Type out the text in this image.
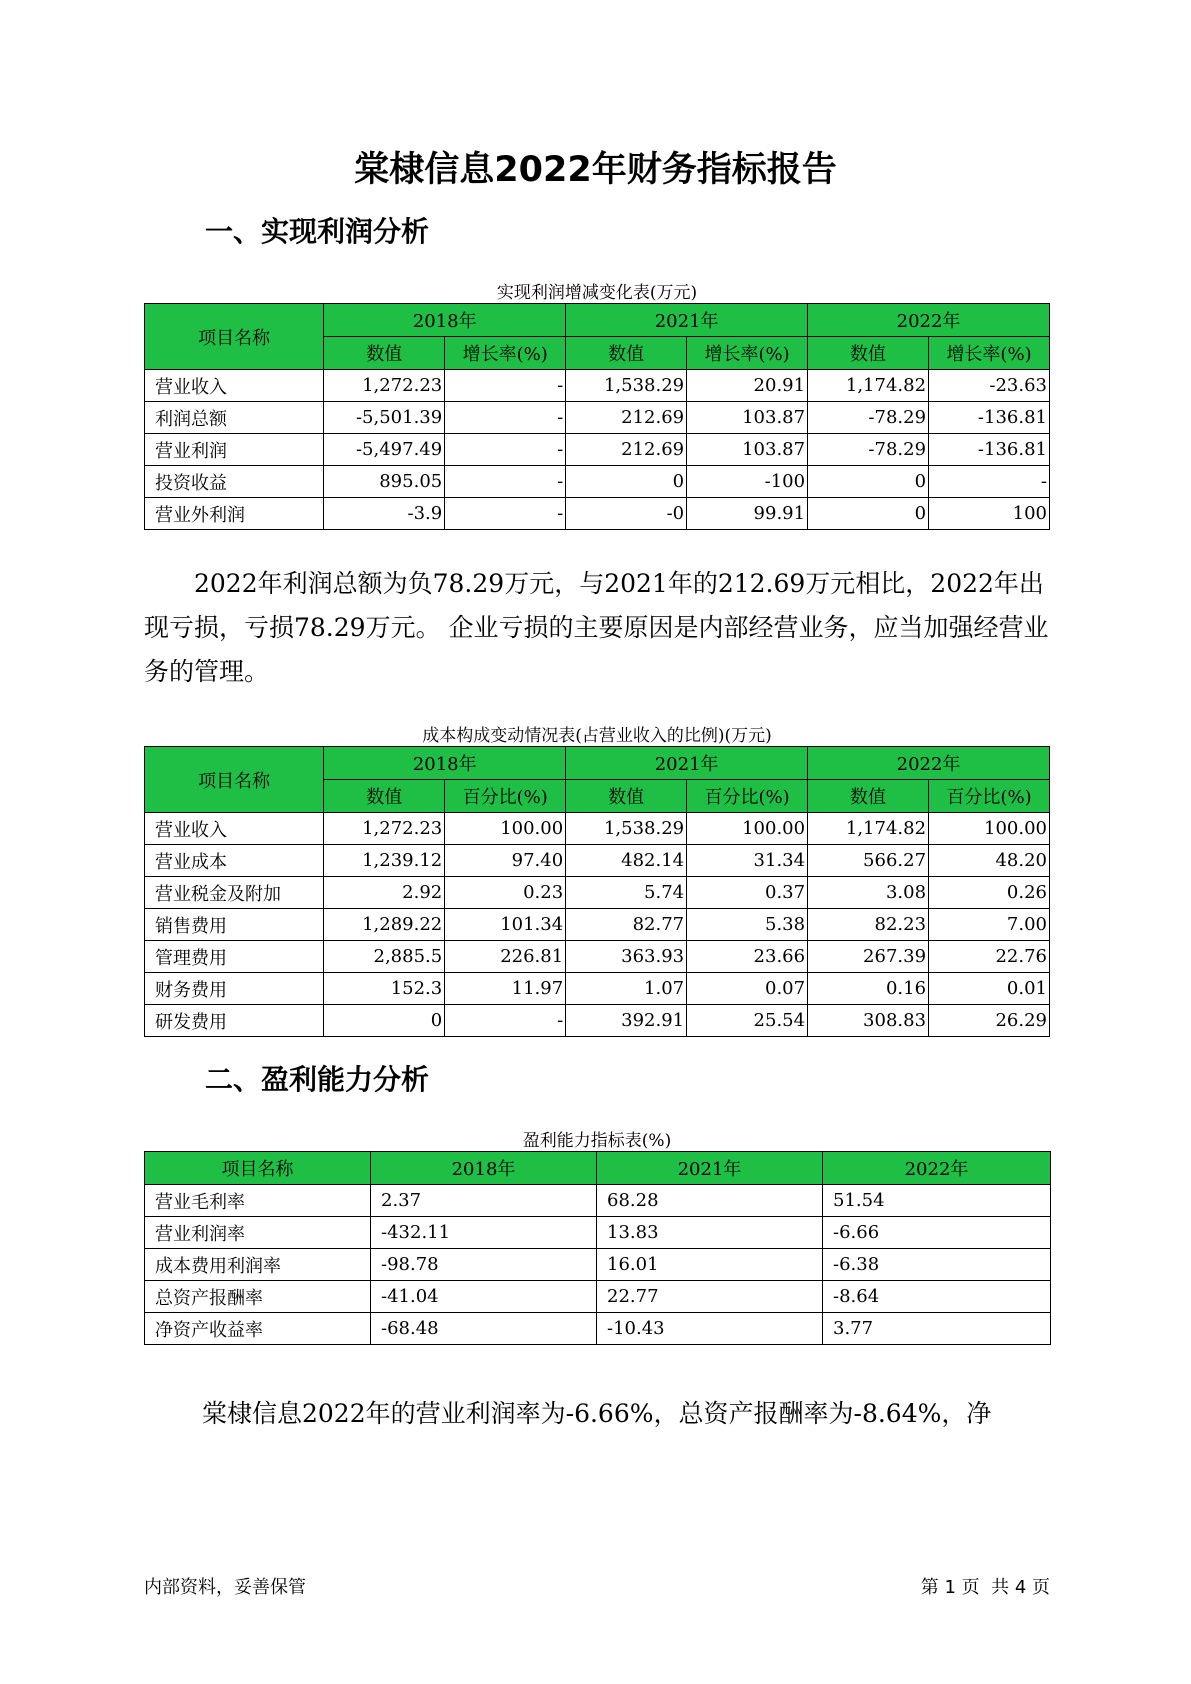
棠棣信息2022年财务指标报告
一、实现利润分析
实现利润增减变化表(万元)
项目名称	2018年		2021年		2022年	
	数值	增长率(%)	数值	增长率(%)	数值	增长率(%)
营业收入	1,272.23	-	1,538.29	20.91	1,174.82	-23.63
利润总额	-5,501.39	-	212.69	103.87	-78.29	-136.81
营业利润	-5,497.49	-	212.69	103.87	-78.29	-136.81
投资收益	895.05	-	0	-100	0	-
营业外利润	-3.9	-	-0	99.91	0	100
2022年利润总额为负78.29万元，与2021年的212.69万元相比，2022年出现亏损，亏损78.29万元。 企业亏损的主要原因是内部经营业务，应当加强经营业务的管理。
成本构成变动情况表(占营业收入的比例)(万元)
项目名称	2018年		2021年		2022年	
	数值	百分比(%)	数值	百分比(%)	数值	百分比(%)
营业收入	1,272.23	100.00	1,538.29	100.00	1,174.82	100.00
营业成本	1,239.12	97.40	482.14	31.34	566.27	48.20
营业税金及附加	2.92	0.23	5.74	0.37	3.08	0.26
销售费用	1,289.22	101.34	82.77	5.38	82.23	7.00
管理费用	2,885.5	226.81	363.93	23.66	267.39	22.76
财务费用	152.3	11.97	1.07	0.07	0.16	0.01
研发费用	0	-	392.91	25.54	308.83	26.29
二、盈利能力分析
盈利能力指标表(%)
项目名称	2018年	2021年	2022年
营业毛利率	2.37	68.28	51.54
营业利润率	-432.11	13.83	-6.66
成本费用利润率	-98.78	16.01	-6.38
总资产报酬率	-41.04	22.77	-8.64
净资产收益率	-68.48	-10.43	3.77
棠棣信息2022年的营业利润率为-6.66%，总资产报酬率为-8.64%，净
内部资料，妥善保管	第 1 页  共 4 页
